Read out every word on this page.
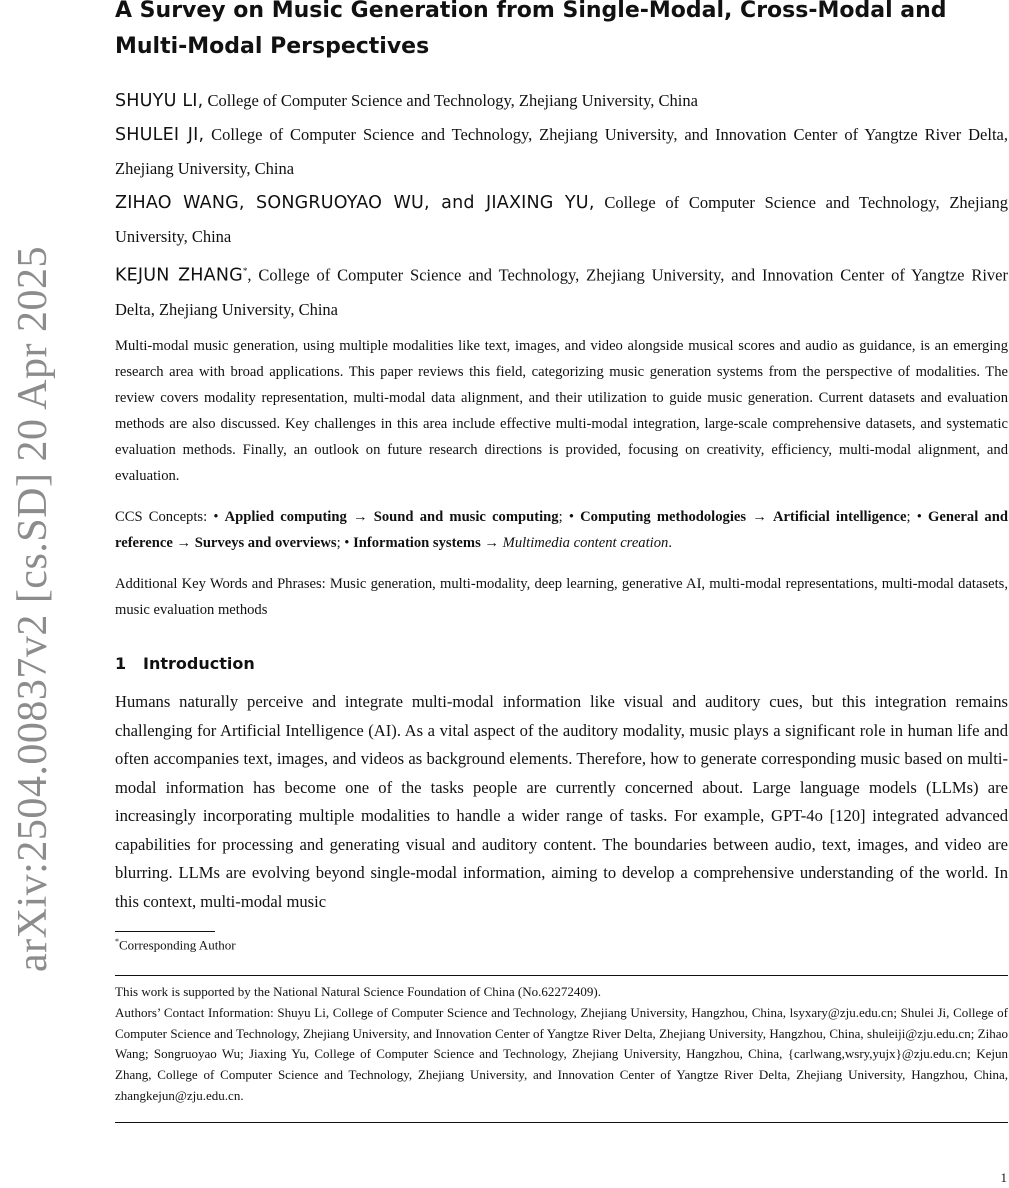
arXiv:2504.00837v2 [cs.SD] 20 Apr 2025
A Survey on Music Generation from Single-Modal, Cross-Modal and Multi-Modal Perspectives

SHUYU LI, College of Computer Science and Technology, Zhejiang University, China

SHULEI JI, College of Computer Science and Technology, Zhejiang University, and Innovation Center of Yangtze River Delta, Zhejiang University, China

ZIHAO WANG, SONGRUOYAO WU, and JIAXING YU, College of Computer Science and Technology, Zhejiang University, China

KEJUN ZHANG*, College of Computer Science and Technology, Zhejiang University, and Innovation Center of Yangtze River Delta, Zhejiang University, China

Multi-modal music generation, using multiple modalities like text, images, and video alongside musical scores and audio as guidance, is an emerging research area with broad applications. This paper reviews this field, categorizing music generation systems from the perspective of modalities. The review covers modality representation, multi-modal data alignment, and their utilization to guide music generation. Current datasets and evaluation methods are also discussed. Key challenges in this area include effective multi-modal integration, large-scale comprehensive datasets, and systematic evaluation methods. Finally, an outlook on future research directions is provided, focusing on creativity, efficiency, multi-modal alignment, and evaluation.

CCS Concepts: • Applied computing → Sound and music computing; • Computing methodologies → Artificial intelligence; • General and reference → Surveys and overviews; • Information systems → Multimedia content creation.

Additional Key Words and Phrases: Music generation, multi-modality, deep learning, generative AI, multi-modal representations, multi-modal datasets, music evaluation methods

1 Introduction

Humans naturally perceive and integrate multi-modal information like visual and auditory cues, but this integration remains challenging for Artificial Intelligence (AI). As a vital aspect of the auditory modality, music plays a significant role in human life and often accompanies text, images, and videos as background elements. Therefore, how to generate corresponding music based on multi-modal information has become one of the tasks people are currently concerned about. Large language models (LLMs) are increasingly incorporating multiple modalities to handle a wider range of tasks. For example, GPT-4o [120] integrated advanced capabilities for processing and generating visual and auditory content. The boundaries between audio, text, images, and video are blurring. LLMs are evolving beyond single-modal information, aiming to develop a comprehensive understanding of the world. In this context, multi-modal music

*Corresponding Author

This work is supported by the National Natural Science Foundation of China (No.62272409).
Authors’ Contact Information: Shuyu Li, College of Computer Science and Technology, Zhejiang University, Hangzhou, China, lsyxary@zju.edu.cn; Shulei Ji, College of Computer Science and Technology, Zhejiang University, and Innovation Center of Yangtze River Delta, Zhejiang University, Hangzhou, China, shuleiji@zju.edu.cn; Zihao Wang; Songruoyao Wu; Jiaxing Yu, College of Computer Science and Technology, Zhejiang University, Hangzhou, China, {carlwang,wsry,yujx}@zju.edu.cn; Kejun Zhang, College of Computer Science and Technology, Zhejiang University, and Innovation Center of Yangtze River Delta, Zhejiang University, Hangzhou, China, zhangkejun@zju.edu.cn.

1
